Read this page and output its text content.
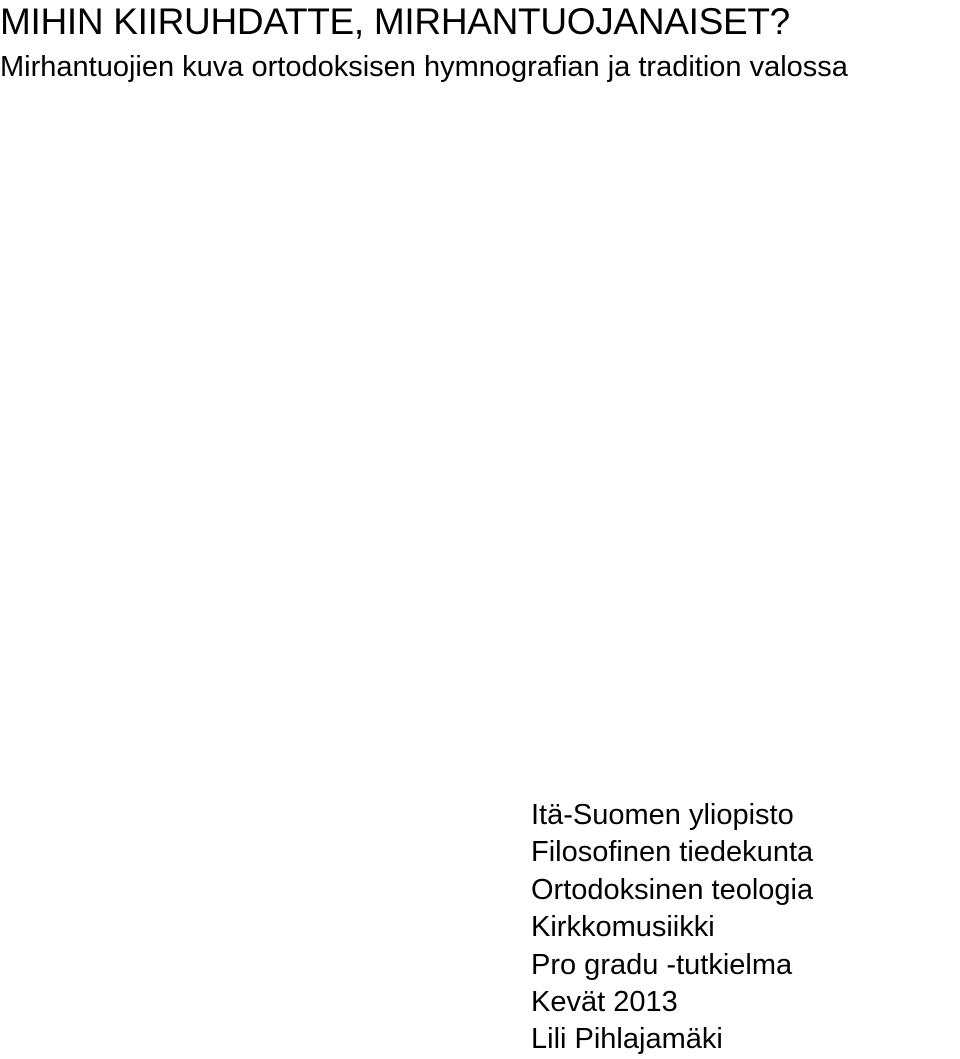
MIHIN KIIRUHDATTE, MIRHANTUOJANAISET?
Mirhantuojien kuva ortodoksisen hymnografian ja tradition valossa
Itä-Suomen yliopisto
Filosofinen tiedekunta
Ortodoksinen teologia
Kirkkomusiikki
Pro gradu -tutkielma
Kevät 2013
Lili Pihlajamäki
